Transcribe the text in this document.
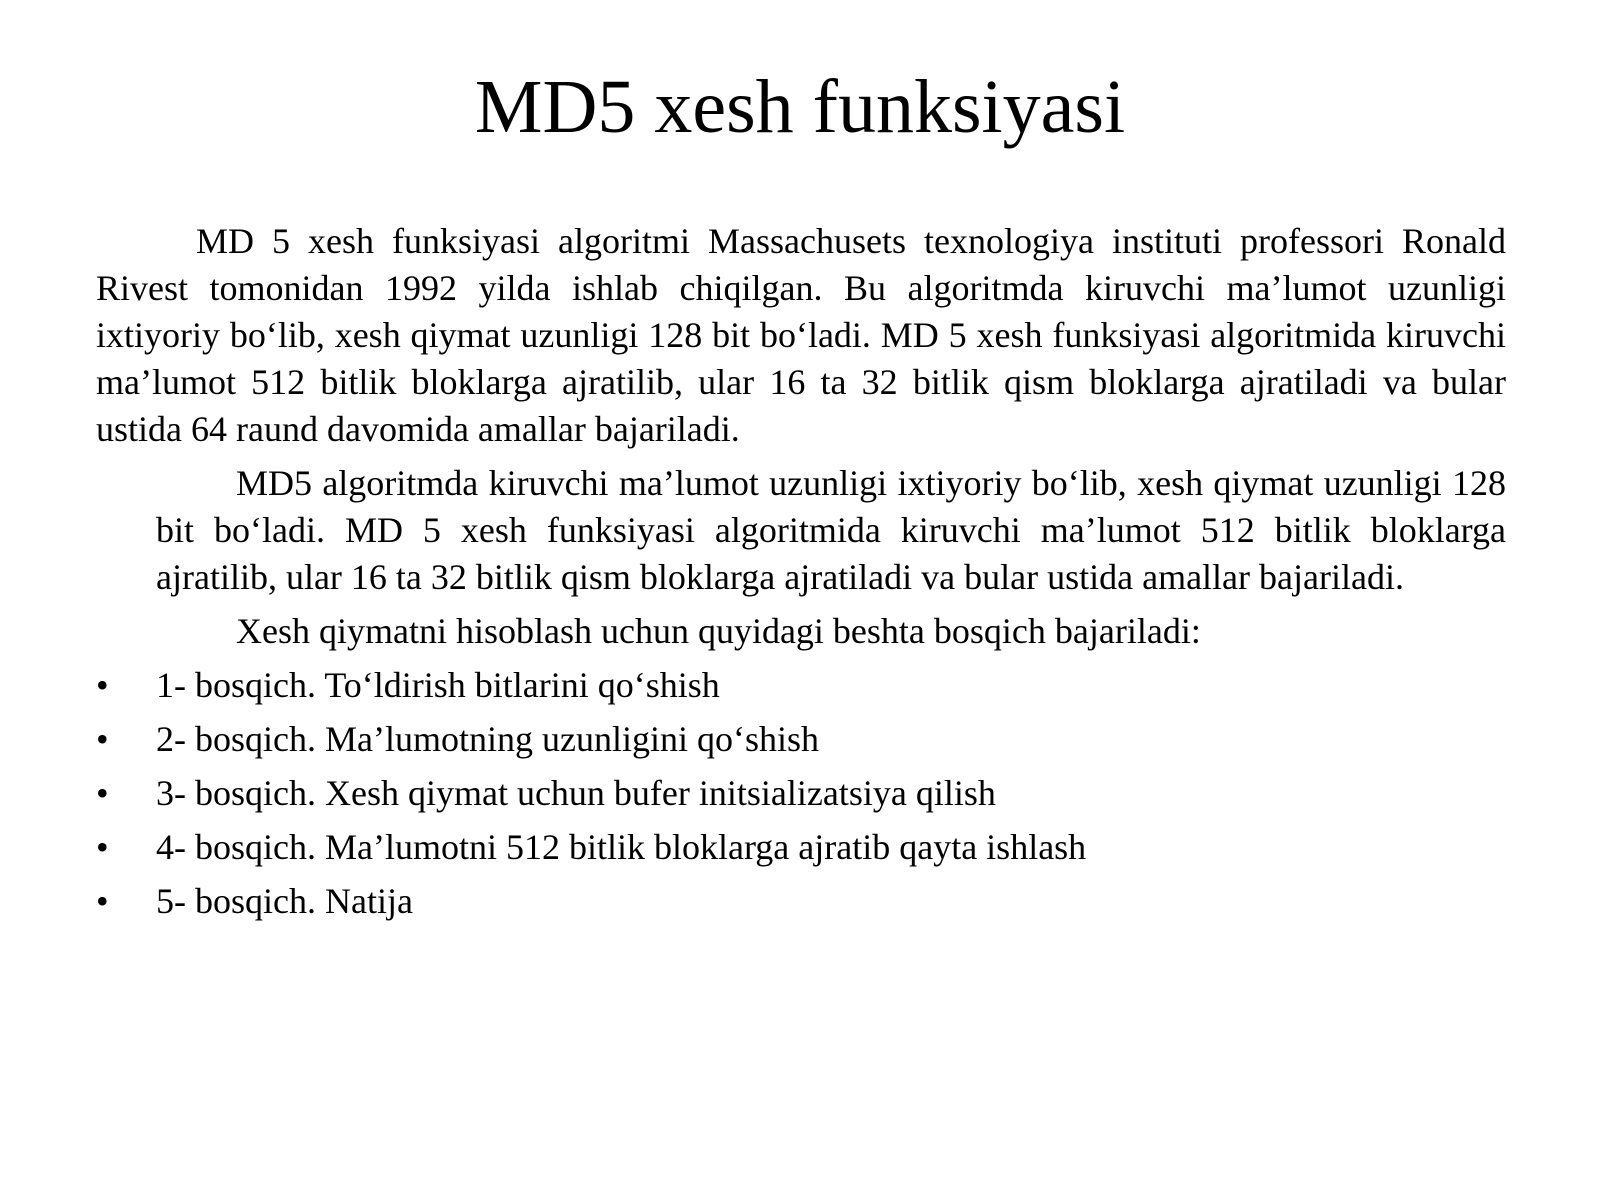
MD5 xesh funksiyasi

MD 5 xesh funksiyasi algoritmi Massachusets texnologiya instituti professori Ronald Rivest tomonidan 1992 yilda ishlab chiqilgan. Bu algoritmda kiruvchi ma’lumot uzunligi ixtiyoriy bo‘lib, xesh qiymat uzunligi 128 bit bo‘ladi. MD 5 xesh funksiyasi algoritmida kiruvchi ma’lumot 512 bitlik bloklarga ajratilib, ular 16 ta 32 bitlik qism bloklarga ajratiladi va bular ustida 64 raund davomida amallar bajariladi.

MD5 algoritmda kiruvchi ma’lumot uzunligi ixtiyoriy bo‘lib, xesh qiymat uzunligi 128 bit bo‘ladi. MD 5 xesh funksiyasi algoritmida kiruvchi ma’lumot 512 bitlik bloklarga ajratilib, ular 16 ta 32 bitlik qism bloklarga ajratiladi va bular ustida amallar bajariladi.

Xesh qiymatni hisoblash uchun quyidagi beshta bosqich bajariladi:

• 1- bosqich. To‘ldirish bitlarini qo‘shish
• 2- bosqich. Ma’lumotning uzunligini qo‘shish
• 3- bosqich. Xesh qiymat uchun bufer initsializatsiya qilish
• 4- bosqich. Ma’lumotni 512 bitlik bloklarga ajratib qayta ishlash
• 5- bosqich. Natija
